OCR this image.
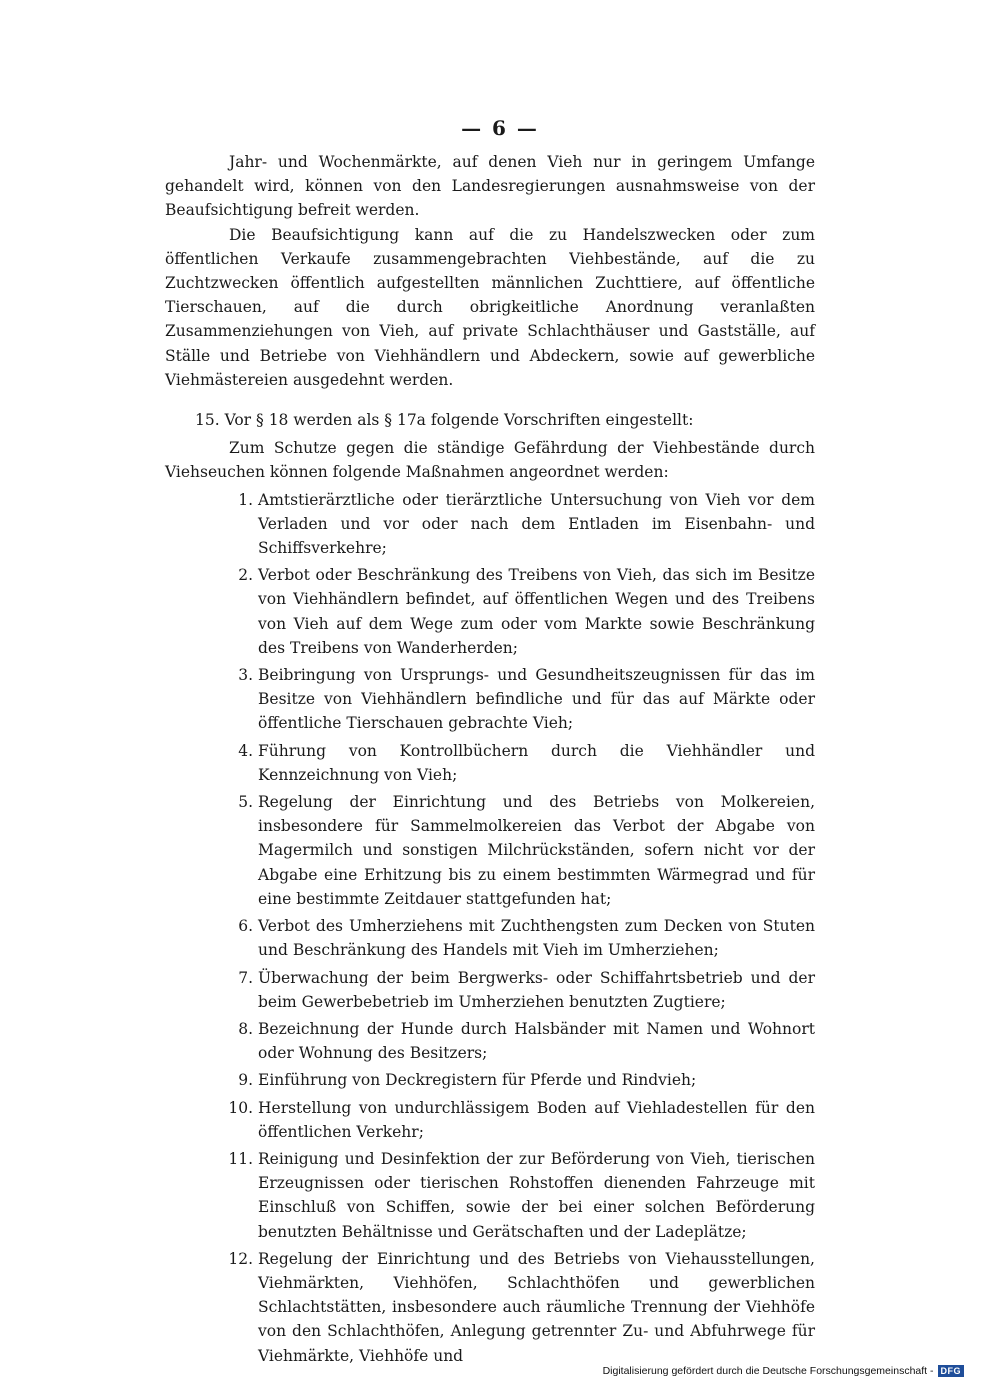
— 6 —

Jahr- und Wochenmärkte, auf denen Vieh nur in geringem Umfange gehandelt wird, können von den Landesregierungen ausnahmsweise von der Beaufsichtigung befreit werden.

Die Beaufsichtigung kann auf die zu Handelszwecken oder zum öffentlichen Verkaufe zusammengebrachten Viehbestände, auf die zu Zuchtzwecken öffentlich aufgestellten männlichen Zuchttiere, auf öffentliche Tierschauen, auf die durch obrigkeitliche Anordnung veranlaßten Zusammenziehungen von Vieh, auf private Schlachthäuser und Gastställe, auf Ställe und Betriebe von Viehhändlern und Abdeckern, sowie auf gewerbliche Viehmästereien ausgedehnt werden.

15. Vor § 18 werden als § 17a folgende Vorschriften eingestellt:

Zum Schutze gegen die ständige Gefährdung der Viehbestände durch Viehseuchen können folgende Maßnahmen angeordnet werden:

1. Amtstierärztliche oder tierärztliche Untersuchung von Vieh vor dem Verladen und vor oder nach dem Entladen im Eisenbahn- und Schiffsverkehre;
2. Verbot oder Beschränkung des Treibens von Vieh, das sich im Besitze von Viehhändlern befindet, auf öffentlichen Wegen und des Treibens von Vieh auf dem Wege zum oder vom Markte sowie Beschränkung des Treibens von Wanderherden;
3. Beibringung von Ursprungs- und Gesundheitszeugnissen für das im Besitze von Viehhändlern befindliche und für das auf Märkte oder öffentliche Tierschauen gebrachte Vieh;
4. Führung von Kontrollbüchern durch die Viehhändler und Kennzeichnung von Vieh;
5. Regelung der Einrichtung und des Betriebs von Molkereien, insbesondere für Sammelmolkereien das Verbot der Abgabe von Magermilch und sonstigen Milchrückständen, sofern nicht vor der Abgabe eine Erhitzung bis zu einem bestimmten Wärmegrad und für eine bestimmte Zeitdauer stattgefunden hat;
6. Verbot des Umherziehens mit Zuchthengsten zum Decken von Stuten und Beschränkung des Handels mit Vieh im Umherziehen;
7. Überwachung der beim Bergwerks- oder Schiffahrtsbetrieb und der beim Gewerbebetrieb im Umherziehen benutzten Zugtiere;
8. Bezeichnung der Hunde durch Halsbänder mit Namen und Wohnort oder Wohnung des Besitzers;
9. Einführung von Deckregistern für Pferde und Rindvieh;
10. Herstellung von undurchlässigem Boden auf Viehladestellen für den öffentlichen Verkehr;
11. Reinigung und Desinfektion der zur Beförderung von Vieh, tierischen Erzeugnissen oder tierischen Rohstoffen dienenden Fahrzeuge mit Einschluß von Schiffen, sowie der bei einer solchen Beförderung benutzten Behältnisse und Gerätschaften und der Ladeplätze;
12. Regelung der Einrichtung und des Betriebs von Viehausstellungen, Viehmärkten, Viehhöfen, Schlachthöfen und gewerblichen Schlachtstätten, insbesondere auch räumliche Trennung der Viehhöfe von den Schlachthöfen, Anlegung getrennter Zu- und Abfuhrwege für Viehmärkte, Viehhöfe und
Digitalisierung gefördert durch die Deutsche Forschungsgemeinschaft - DFG
